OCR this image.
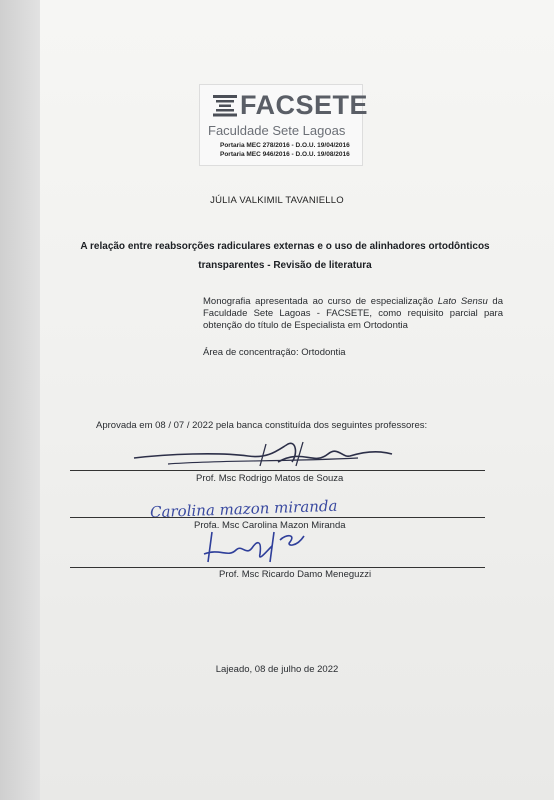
FACSETE
Faculdade Sete Lagoas
Portaria MEC 278/2016 - D.O.U. 19/04/2016
Portaria MEC 946/2016 - D.O.U. 19/08/2016
JÚLIA VALKIMIL TAVANIELLO
A relação entre reabsorções radiculares externas e o uso de alinhadores ortodônticos
transparentes - Revisão de literatura
Monografia apresentada ao curso de especialização Lato Sensu da Faculdade Sete Lagoas - FACSETE, como requisito parcial para obtenção do título de Especialista em Ortodontia
Área de concentração: Ortodontia
Aprovada em 08 / 07 / 2022 pela banca constituída dos seguintes professores:
Prof. Msc Rodrigo Matos de Souza
Carolina mazon miranda
Profa. Msc Carolina Mazon Miranda
Prof. Msc Ricardo Damo Meneguzzi
Lajeado, 08 de julho de 2022
